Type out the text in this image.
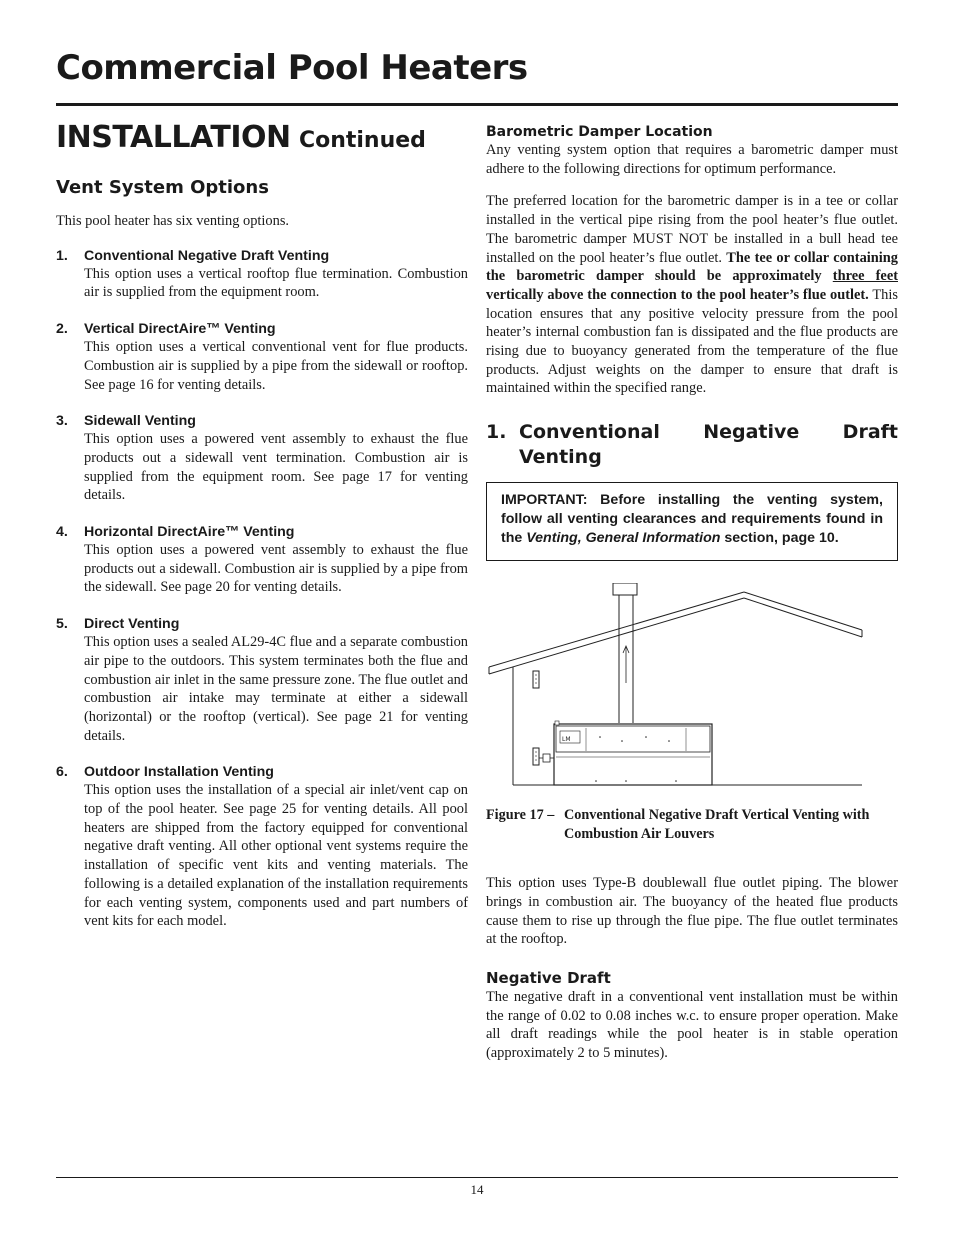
Commercial Pool Heaters
INSTALLATION Continued
Vent System Options

This pool heater has six venting options.

1.	Conventional Negative Draft Venting

This option uses a vertical rooftop flue termination. Combustion air is supplied from the equipment room.

2.	Vertical DirectAire™ Venting

This option uses a vertical conventional vent for flue products. Combustion air is supplied by a pipe from the sidewall or rooftop. See page 16 for venting details.

3.	Sidewall Venting

This option uses a powered vent assembly to exhaust the flue products out a sidewall vent termination. Combustion air is supplied from the equipment room. See page 17 for venting details.

4.	Horizontal DirectAire™ Venting

This option uses a powered vent assembly to exhaust the flue products out a sidewall. Combustion air is supplied by a pipe from the sidewall. See page 20 for venting details.

5.	Direct Venting

This option uses a sealed AL29-4C flue and a separate combustion air pipe to the outdoors. This system terminates both the flue and combustion air inlet in the same pressure zone. The flue outlet and combustion air intake may terminate at either a sidewall (horizontal) or the rooftop (vertical). See page 21 for venting details.

6.	Outdoor Installation Venting

This option uses the installation of a special air inlet/vent cap on top of the pool heater. See page 25 for venting details. All pool heaters are shipped from the factory equipped for conventional negative draft venting. All other optional vent systems require the installation of specific vent kits and venting materials. The following is a detailed explanation of the installation requirements for each venting system, components used and part numbers of vent kits for each model.

Barometric Damper Location

Any venting system option that requires a barometric damper must adhere to the following directions for optimum performance.

The preferred location for the barometric damper is in a tee or collar installed in the vertical pipe rising from the pool heater’s flue outlet. The barometric damper MUST NOT be installed in a bull head tee installed on the pool heater’s flue outlet. The tee or collar containing the barometric damper should be approximately three feet vertically above the connection to the pool heater’s flue outlet. This location ensures that any positive velocity pressure from the pool heater’s internal combustion fan is dissipated and the flue products are rising due to buoyancy generated from the temperature of the flue products. Adjust weights on the damper to ensure that draft is maintained within the specified range.

1. Conventional Negative Draft Venting
IMPORTANT: Before installing the venting system, follow all venting clearances and requirements found in the Venting, General Information section, page 10.
LM
Figure 17 – Conventional Negative Draft Vertical Venting with Combustion Air Louvers

This option uses Type-B doublewall flue outlet piping. The blower brings in combustion air. The buoyancy of the heated flue products cause them to rise up through the flue pipe. The flue outlet terminates at the rooftop.

Negative Draft

The negative draft in a conventional vent installation must be within the range of 0.02 to 0.08 inches w.c. to ensure proper operation. Make all draft readings while the pool heater is in stable operation (approximately 2 to 5 minutes).

14
